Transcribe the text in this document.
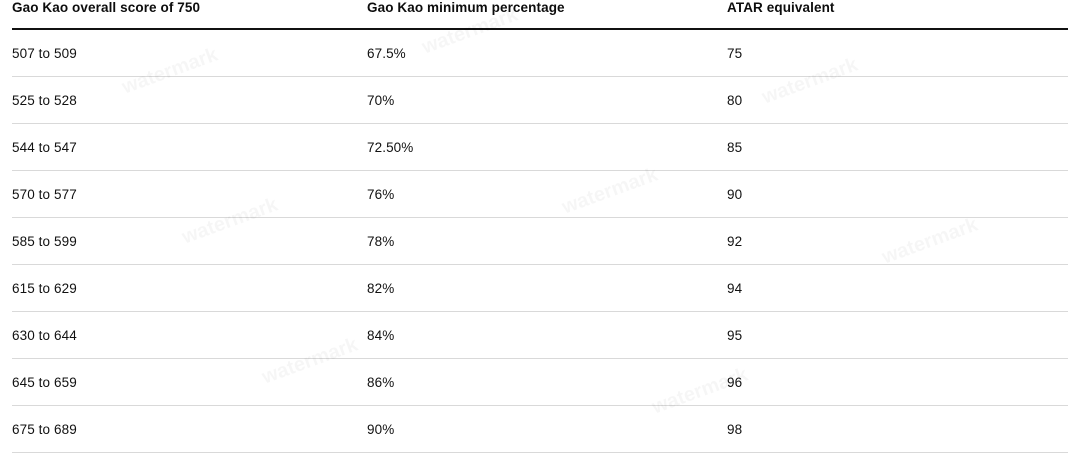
Gao Kao overall score of 750	Gao Kao minimum percentage	ATAR equivalent
507 to 509	67.5%	75
525 to 528	70%	80
544 to 547	72.50%	85
570 to 577	76%	90
585 to 599	78%	92
615 to 629	82%	94
630 to 644	84%	95
645 to 659	86%	96
675 to 689	90%	98
